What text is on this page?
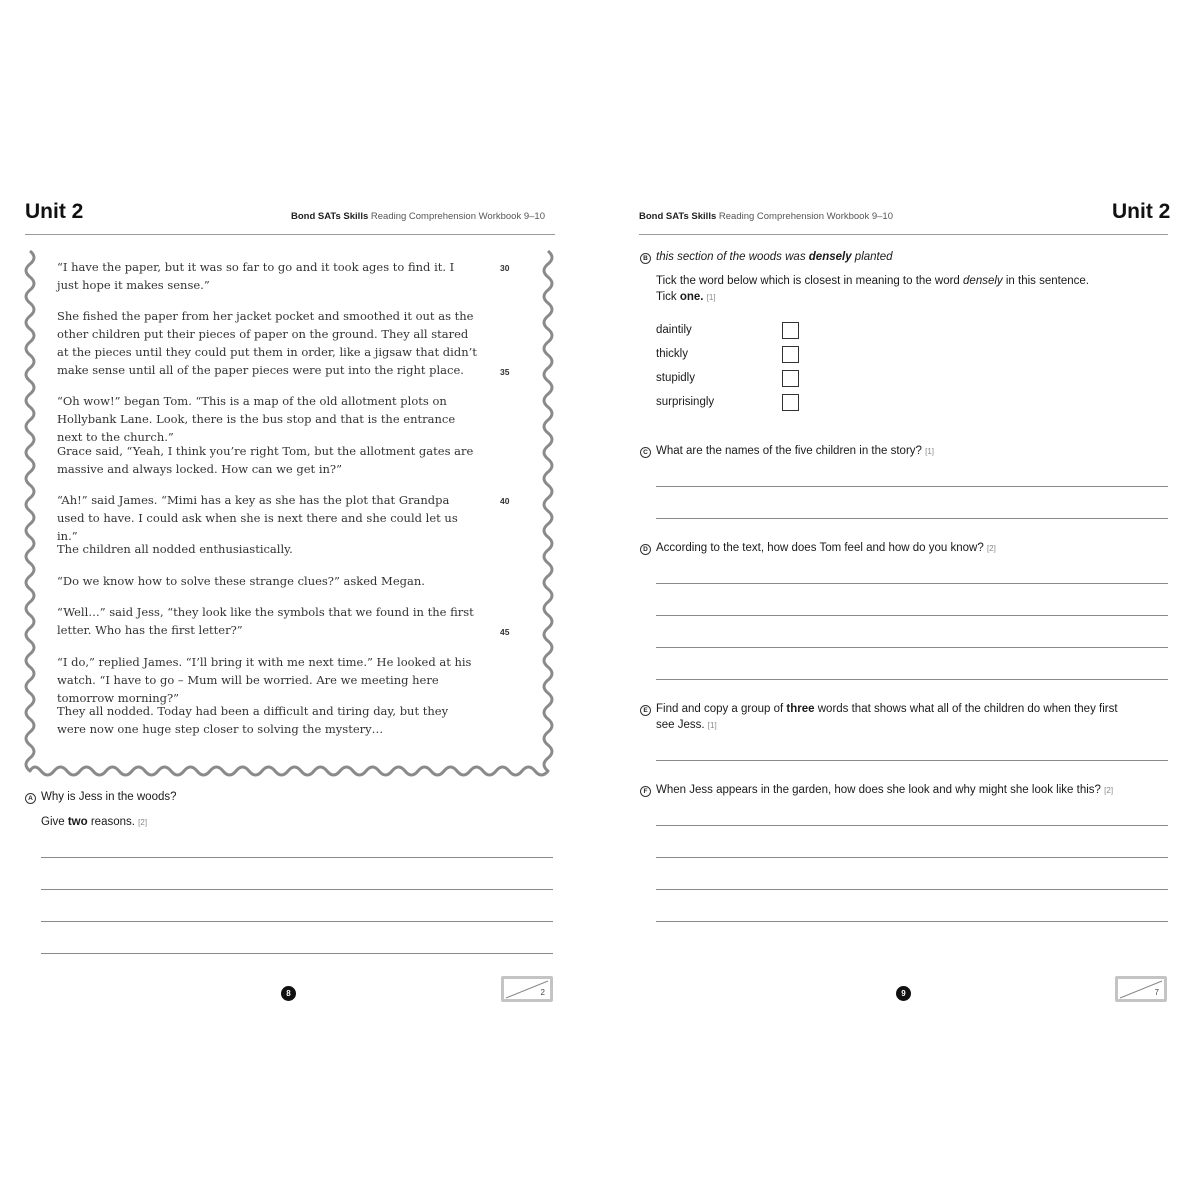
Unit 2	Bond SATs Skills Reading Comprehension Workbook 9–10

“I have the paper, but it was so far to go and it took ages to find it. I just hope it makes sense.”

She fished the paper from her jacket pocket and smoothed it out as the other children put their pieces of paper on the ground. They all stared at the pieces until they could put them in order, like a jigsaw that didn’t make sense until all of the paper pieces were put into the right place.

“Oh wow!” began Tom. “This is a map of the old allotment plots on Hollybank Lane. Look, there is the bus stop and that is the entrance next to the church.”

Grace said, “Yeah, I think you’re right Tom, but the allotment gates are massive and always locked. How can we get in?”

“Ah!” said James. “Mimi has a key as she has the plot that Grandpa used to have. I could ask when she is next there and she could let us in.”

The children all nodded enthusiastically.

“Do we know how to solve these strange clues?” asked Megan.

“Well…” said Jess, “they look like the symbols that we found in the first letter. Who has the first letter?”

“I do,” replied James. “I’ll bring it with me next time.” He looked at his watch. “I have to go – Mum will be worried. Are we meeting here tomorrow morning?”

They all nodded. Today had been a difficult and tiring day, but they were now one huge step closer to solving the mystery…

30
35
40
45
A Why is Jess in the woods?
Give two reasons. [2]
8	2
Bond SATs Skills Reading Comprehension Workbook 9–10	Unit 2
B this section of the woods was densely planted
Tick the word below which is closest in meaning to the word densely in this sentence.
Tick one. [1]
daintily
thickly
stupidly
surprisingly
C What are the names of the five children in the story? [1]
D According to the text, how does Tom feel and how do you know? [2]
E Find and copy a group of three words that shows what all of the children do when they first
see Jess. [1]
F When Jess appears in the garden, how does she look and why might she look like this? [2]
9	7
